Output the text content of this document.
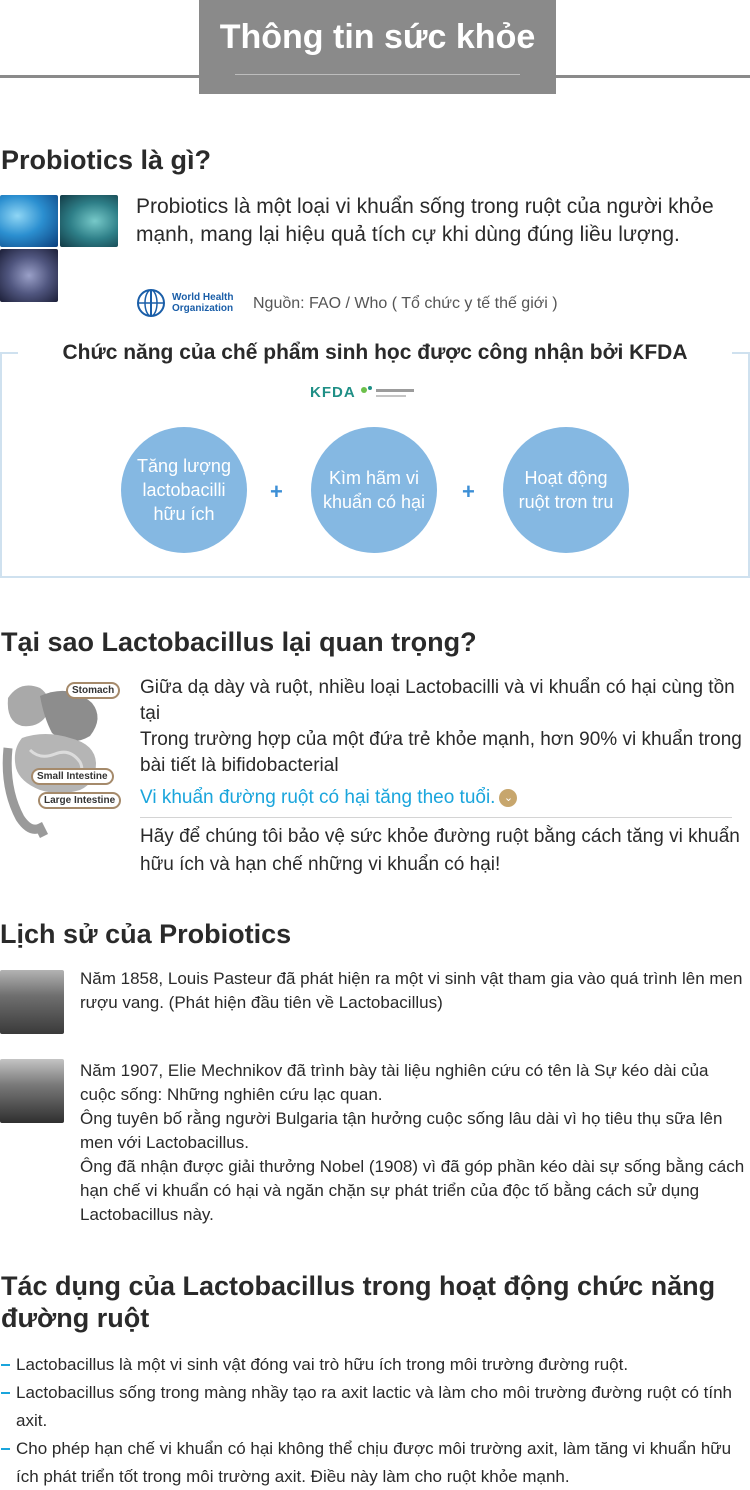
Thông tin sức khỏe
Probiotics là gì?
Probiotics là một loại vi khuẩn sống trong ruột của người khỏe mạnh, mang lại hiệu quả tích cự khi dùng đúng liều lượng.
World Health
Organization Nguồn: FAO / Who ( Tổ chức y tế thế giới )
Chức năng của chế phẩm sinh học được công nhận bởi KFDA
KFDA
Tăng lượng lactobacilli hữu ích
+
Kìm hãm vi khuẩn có hại +
Hoạt động ruột trơn tru
Tại sao Lactobacillus lại quan trọng?
Stomach
Small Intestine
Large Intestine

Giữa dạ dày và ruột, nhiều loại Lactobacilli và vi khuẩn có hại cùng tồn tại

Trong trường hợp của một đứa trẻ khỏe mạnh, hơn 90% vi khuẩn trong bài tiết là bifidobacterial

Vi khuẩn đường ruột có hại tăng theo tuổi. ⌄
Hãy để chúng tôi bảo vệ sức khỏe đường ruột bằng cách tăng vi khuẩn hữu ích và hạn chế những vi khuẩn có hại!
Lịch sử của Probiotics
Năm 1858, Louis Pasteur đã phát hiện ra một vi sinh vật tham gia vào quá trình lên men rượu vang. (Phát hiện đầu tiên về Lactobacillus)
Năm 1907, Elie Mechnikov đã trình bày tài liệu nghiên cứu có tên là Sự kéo dài của cuộc sống: Những nghiên cứu lạc quan.
Ông tuyên bố rằng người Bulgaria tận hưởng cuộc sống lâu dài vì họ tiêu thụ sữa lên men với Lactobacillus.
Ông đã nhận được giải thưởng Nobel (1908) vì đã góp phần kéo dài sự sống bằng cách hạn chế vi khuẩn có hại và ngăn chặn sự phát triển của độc tố bằng cách sử dụng Lactobacillus này.
Tác dụng của Lactobacillus trong hoạt động chức năng đường ruột
Lactobacillus là một vi sinh vật đóng vai trò hữu ích trong môi trường đường ruột.
Lactobacillus sống trong màng nhầy tạo ra axit lactic và làm cho môi trường đường ruột có tính axit.
Cho phép hạn chế vi khuẩn có hại không thể chịu được môi trường axit, làm tăng vi khuẩn hữu ích phát triển tốt trong môi trường axit. Điều này làm cho ruột khỏe mạnh.
